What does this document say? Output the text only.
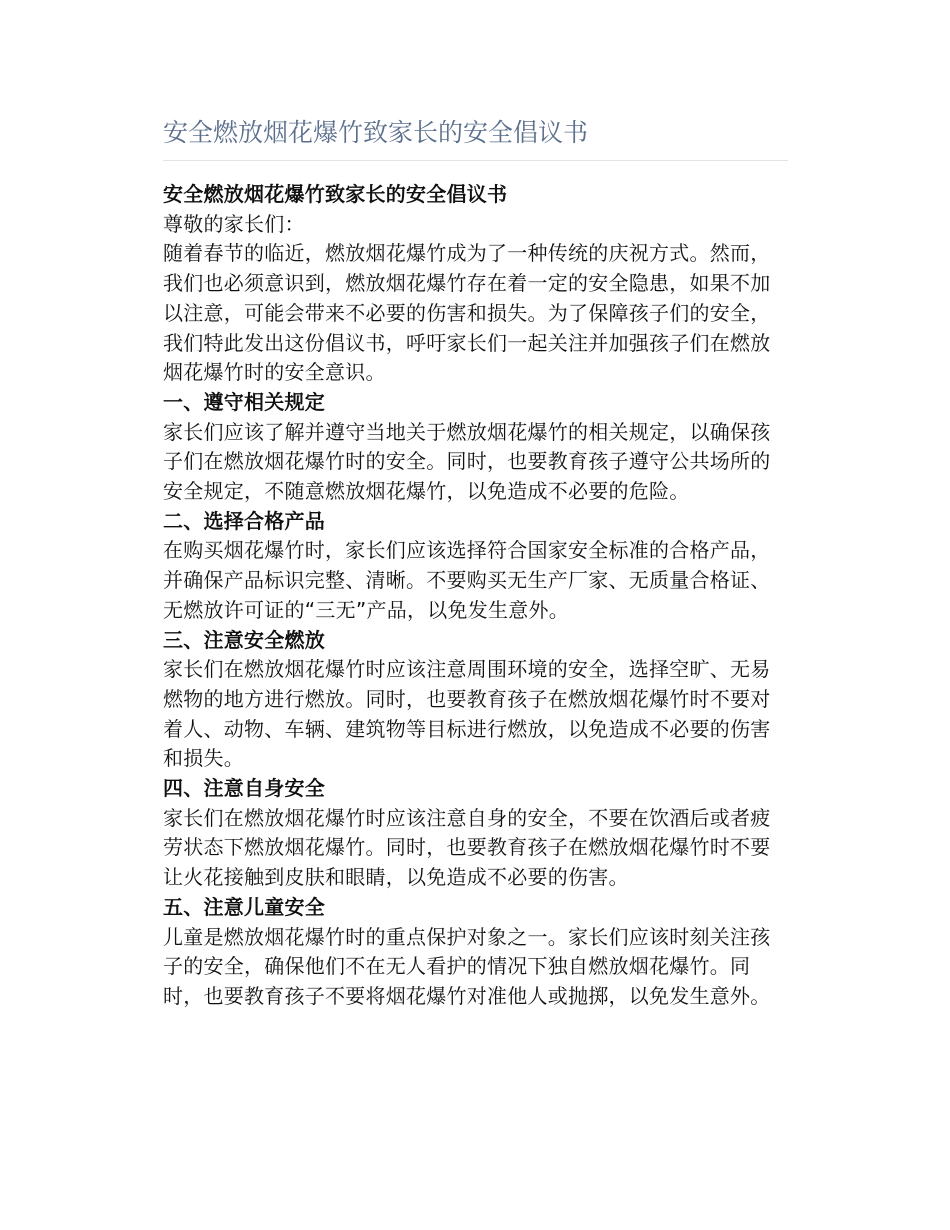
安全燃放烟花爆竹致家长的安全倡议书

安全燃放烟花爆竹致家长的安全倡议书

尊敬的家长们：

随着春节的临近，燃放烟花爆竹成为了一种传统的庆祝方式。然而，我们也必须意识到，燃放烟花爆竹存在着一定的安全隐患，如果不加以注意，可能会带来不必要的伤害和损失。为了保障孩子们的安全，我们特此发出这份倡议书，呼吁家长们一起关注并加强孩子们在燃放烟花爆竹时的安全意识。

一、遵守相关规定

家长们应该了解并遵守当地关于燃放烟花爆竹的相关规定，以确保孩子们在燃放烟花爆竹时的安全。同时，也要教育孩子遵守公共场所的安全规定，不随意燃放烟花爆竹，以免造成不必要的危险。

二、选择合格产品

在购买烟花爆竹时，家长们应该选择符合国家安全标准的合格产品，并确保产品标识完整、清晰。不要购买无生产厂家、无质量合格证、无燃放许可证的“三无”产品，以免发生意外。

三、注意安全燃放

家长们在燃放烟花爆竹时应该注意周围环境的安全，选择空旷、无易燃物的地方进行燃放。同时，也要教育孩子在燃放烟花爆竹时不要对着人、动物、车辆、建筑物等目标进行燃放，以免造成不必要的伤害和损失。

四、注意自身安全

家长们在燃放烟花爆竹时应该注意自身的安全，不要在饮酒后或者疲劳状态下燃放烟花爆竹。同时，也要教育孩子在燃放烟花爆竹时不要让火花接触到皮肤和眼睛，以免造成不必要的伤害。

五、注意儿童安全

儿童是燃放烟花爆竹时的重点保护对象之一。家长们应该时刻关注孩子的安全，确保他们不在无人看护的情况下独自燃放烟花爆竹。同时，也要教育孩子不要将烟花爆竹对准他人或抛掷，以免发生意外。
